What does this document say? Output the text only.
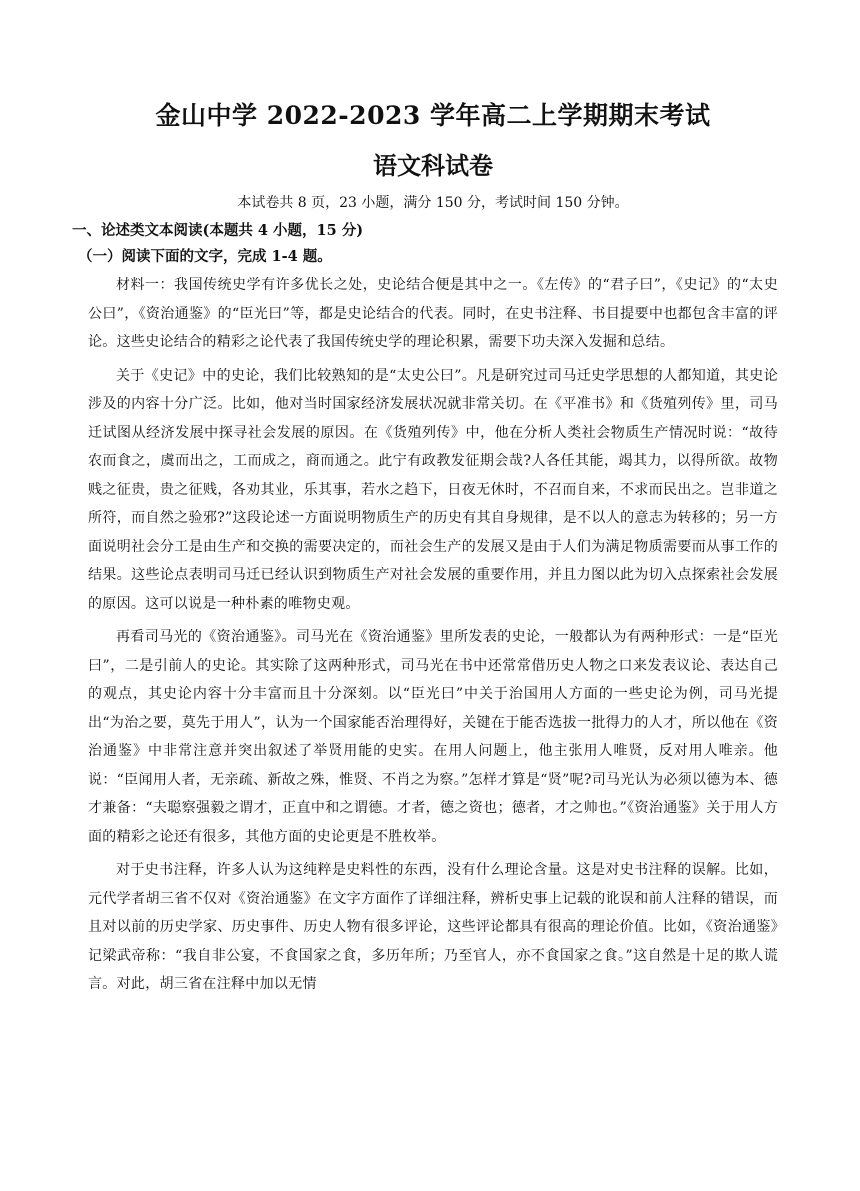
金山中学 2022-2023 学年高二上学期期末考试
语文科试卷

本试卷共 8 页，23 小题，满分 150 分，考试时间 150 分钟。

一、论述类文本阅读(本题共 4 小题，15 分)
（一）阅读下面的文字，完成 1-4 题。

材料一：我国传统史学有许多优长之处，史论结合便是其中之一。《左传》的“君子曰”，《史记》的“太史公曰”，《资治通鉴》的“臣光曰”等，都是史论结合的代表。同时，在史书注释、书目提要中也都包含丰富的评论。这些史论结合的精彩之论代表了我国传统史学的理论积累，需要下功夫深入发掘和总结。

关于《史记》中的史论，我们比较熟知的是“太史公曰”。凡是研究过司马迁史学思想的人都知道，其史论涉及的内容十分广泛。比如，他对当时国家经济发展状况就非常关切。在《平准书》和《货殖列传》里，司马迁试图从经济发展中探寻社会发展的原因。在《货殖列传》中，他在分析人类社会物质生产情况时说：“故待农而食之，虞而出之，工而成之，商而通之。此宁有政教发征期会哉?人各任其能，竭其力，以得所欲。故物贱之征贵，贵之征贱，各劝其业，乐其事，若水之趋下，日夜无休时，不召而自来，不求而民出之。岂非道之所符，而自然之验邪?”这段论述一方面说明物质生产的历史有其自身规律，是不以人的意志为转移的；另一方面说明社会分工是由生产和交换的需要决定的，而社会生产的发展又是由于人们为满足物质需要而从事工作的结果。这些论点表明司马迁已经认识到物质生产对社会发展的重要作用，并且力图以此为切入点探索社会发展的原因。这可以说是一种朴素的唯物史观。

再看司马光的《资治通鉴》。司马光在《资治通鉴》里所发表的史论，一般都认为有两种形式：一是“臣光曰”，二是引前人的史论。其实除了这两种形式，司马光在书中还常常借历史人物之口来发表议论、表达自己的观点，其史论内容十分丰富而且十分深刻。以“臣光曰”中关于治国用人方面的一些史论为例，司马光提出“为治之要，莫先于用人”，认为一个国家能否治理得好，关键在于能否选拔一批得力的人才，所以他在《资治通鉴》中非常注意并突出叙述了举贤用能的史实。在用人问题上，他主张用人唯贤，反对用人唯亲。他说：“臣闻用人者，无亲疏、新故之殊，惟贤、不肖之为察。”怎样才算是“贤”呢?司马光认为必须以德为本、德才兼备：“夫聪察强毅之谓才，正直中和之谓德。才者，德之资也；德者，才之帅也。”《资治通鉴》关于用人方面的精彩之论还有很多，其他方面的史论更是不胜枚举。

对于史书注释，许多人认为这纯粹是史料性的东西，没有什么理论含量。这是对史书注释的误解。比如，元代学者胡三省不仅对《资治通鉴》在文字方面作了详细注释，辨析史事上记载的讹误和前人注释的错误，而且对以前的历史学家、历史事件、历史人物有很多评论，这些评论都具有很高的理论价值。比如，《资治通鉴》记梁武帝称：“我自非公宴，不食国家之食，多历年所；乃至官人，亦不食国家之食。”这自然是十足的欺人谎言。对此，胡三省在注释中加以无情
